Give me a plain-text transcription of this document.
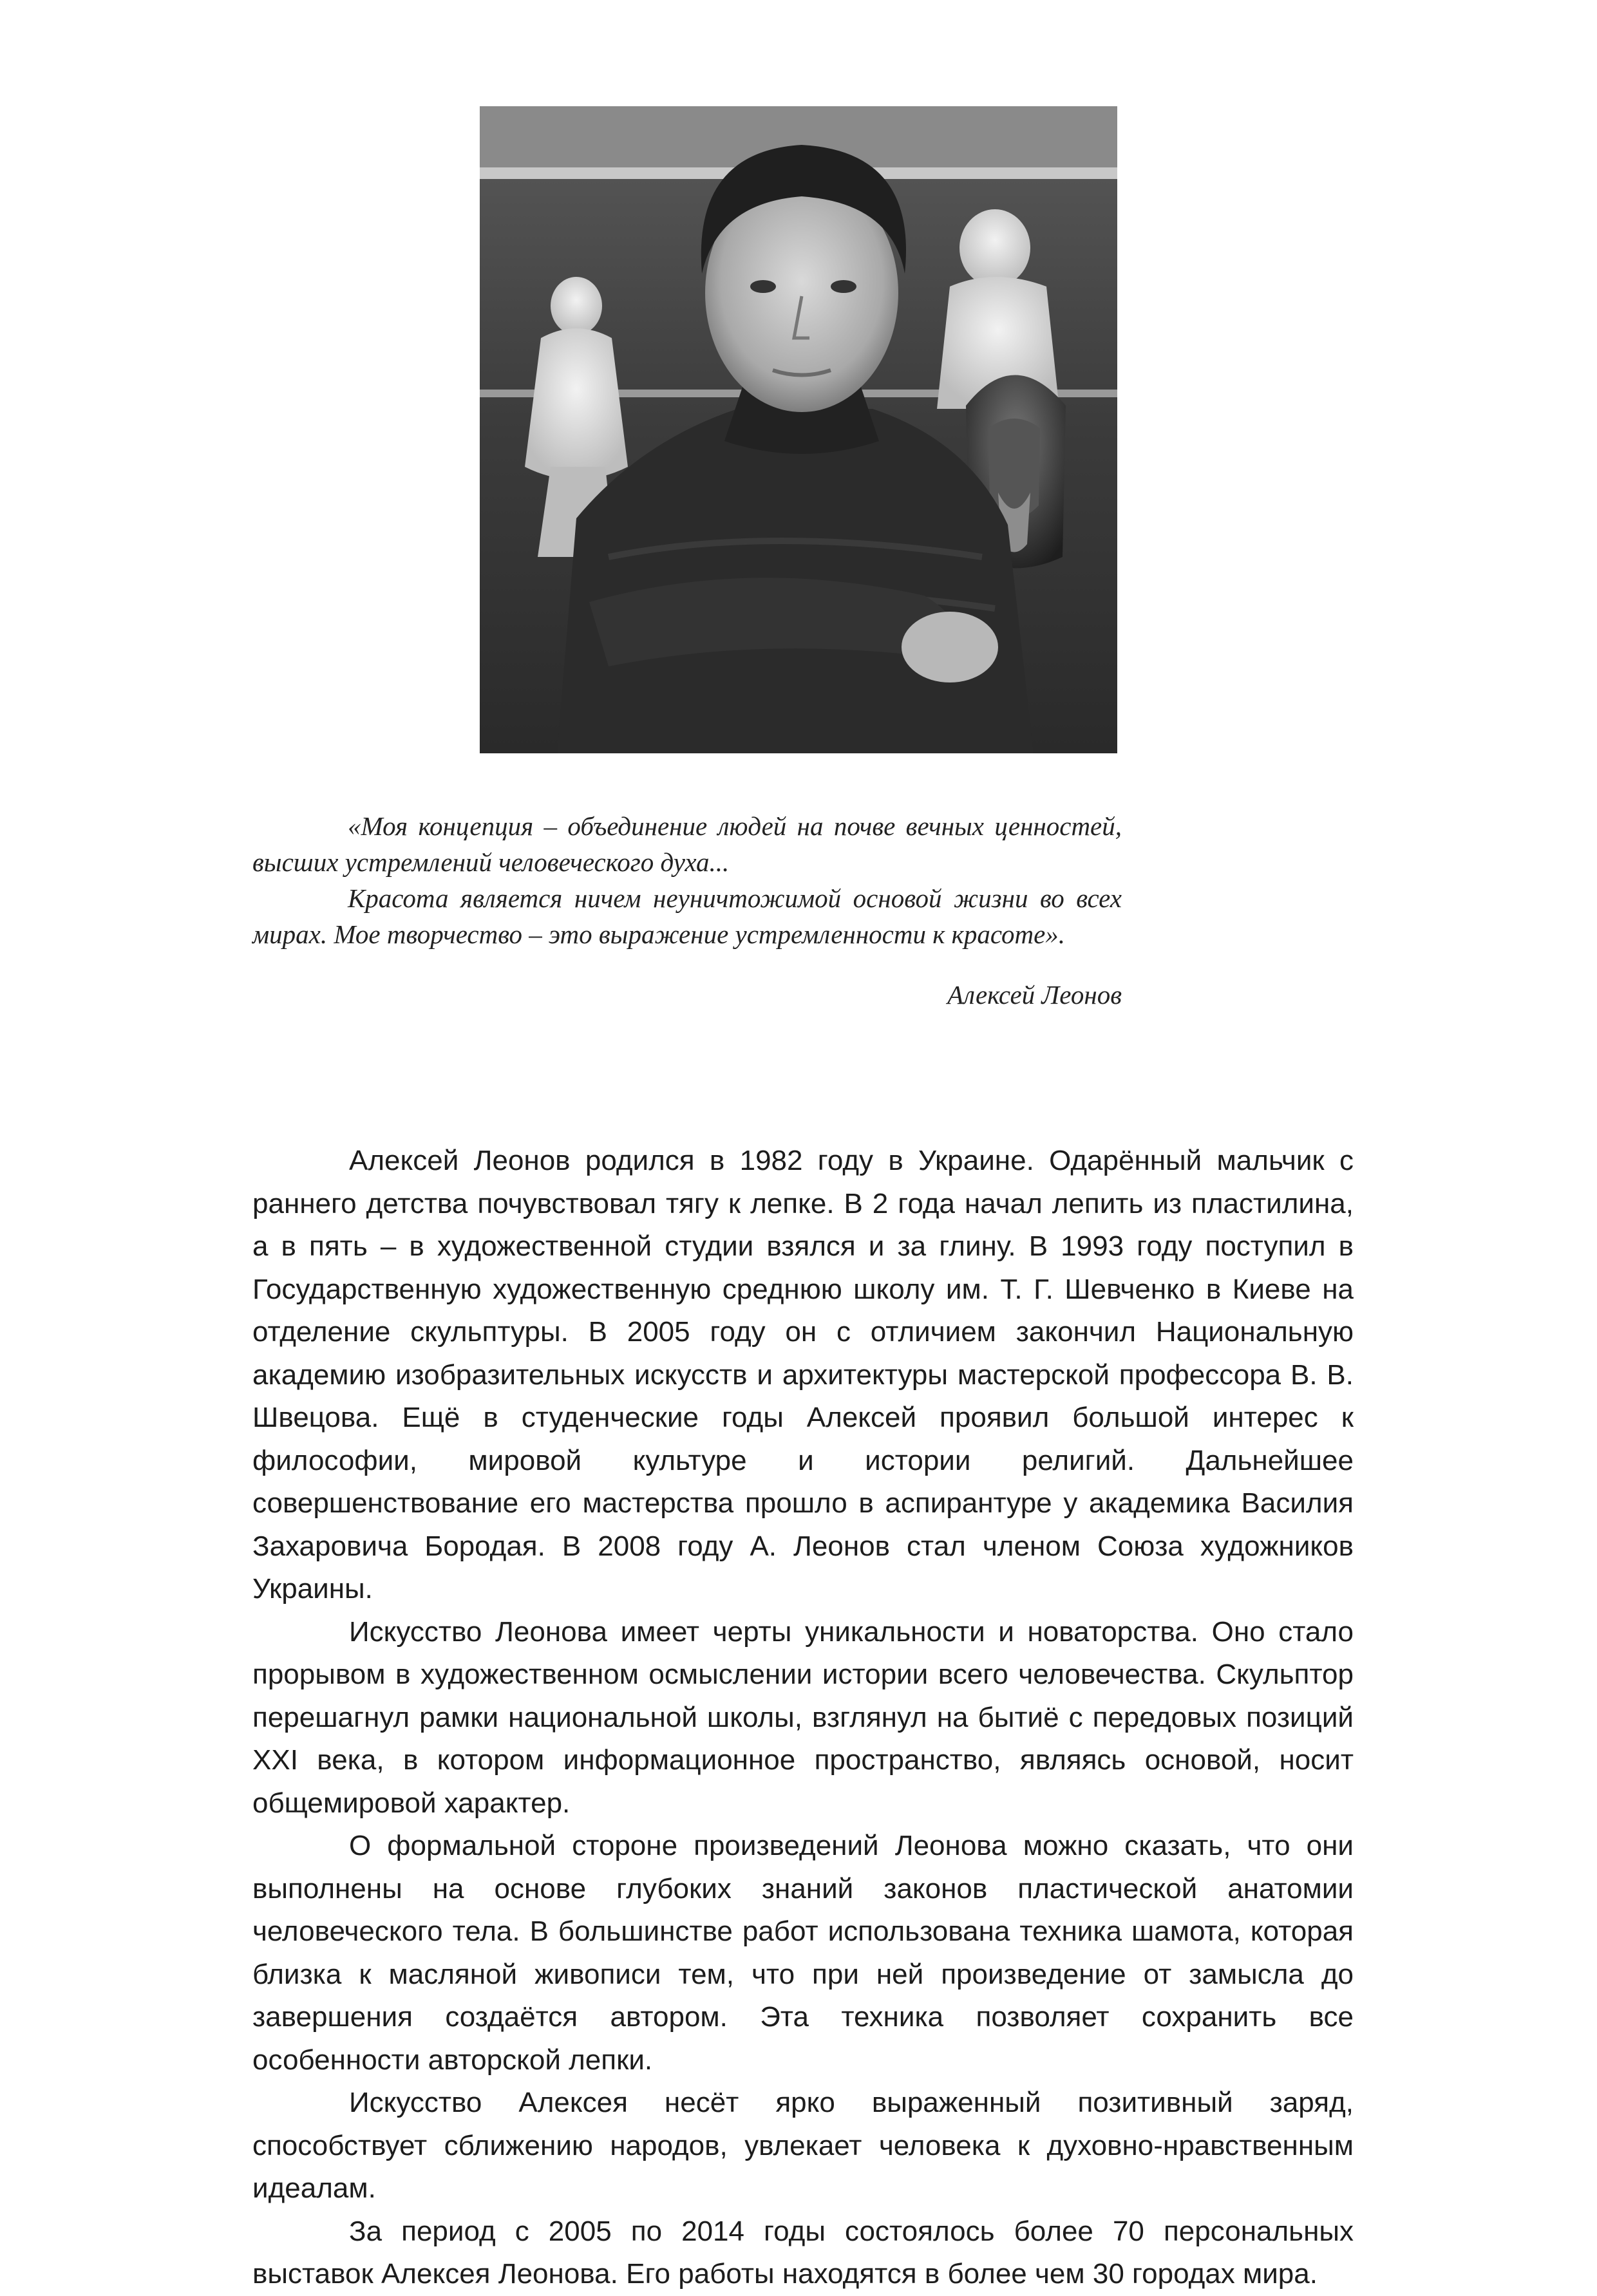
«Моя концепция – объединение людей на почве вечных ценностей, высших устремлений человеческого духа...

Красота является ничем неуничтожимой основой жизни во всех мирах. Мое творчество – это выражение устремленности к красоте».

Алексей Леонов

Алексей Леонов родился в 1982 году в Украине. Одарённый мальчик с раннего детства почувствовал тягу к лепке. В 2 года начал лепить из пластилина, а в пять – в художественной студии взялся и за глину. В 1993 году поступил в Государственную художественную среднюю школу им. Т. Г. Шевченко в Киеве на отделение скульптуры. В 2005 году он с отличием закончил Национальную академию изобразительных искусств и архитектуры мастерской профессора В. В. Швецова. Ещё в студенческие годы Алексей проявил большой интерес к философии, мировой культуре и истории религий. Дальнейшее совершенствование его мастерства прошло в аспирантуре у академика Василия Захаровича Бородая. В 2008 году А. Леонов стал членом Союза художников Украины.

Искусство Леонова имеет черты уникальности и новаторства. Оно стало прорывом в художественном осмыслении истории всего человечества. Скульптор перешагнул рамки национальной школы, взглянул на бытиё с передовых позиций XXI века, в котором информационное пространство, являясь основой, носит общемировой характер.

О формальной стороне произведений Леонова можно сказать, что они выполнены на основе глубоких знаний законов пластической анатомии человеческого тела. В большинстве работ использована техника шамота, которая близка к масляной живописи тем, что при ней произведение от замысла до завершения создаётся автором. Эта техника позволяет сохранить все особенности авторской лепки.

Искусство Алексея несёт ярко выраженный позитивный заряд, способствует сближению народов, увлекает человека к духовно-нравственным идеалам.

За период с 2005 по 2014 годы состоялось более 70 персональных выставок Алексея Леонова. Его работы находятся в более чем 30 городах мира.
